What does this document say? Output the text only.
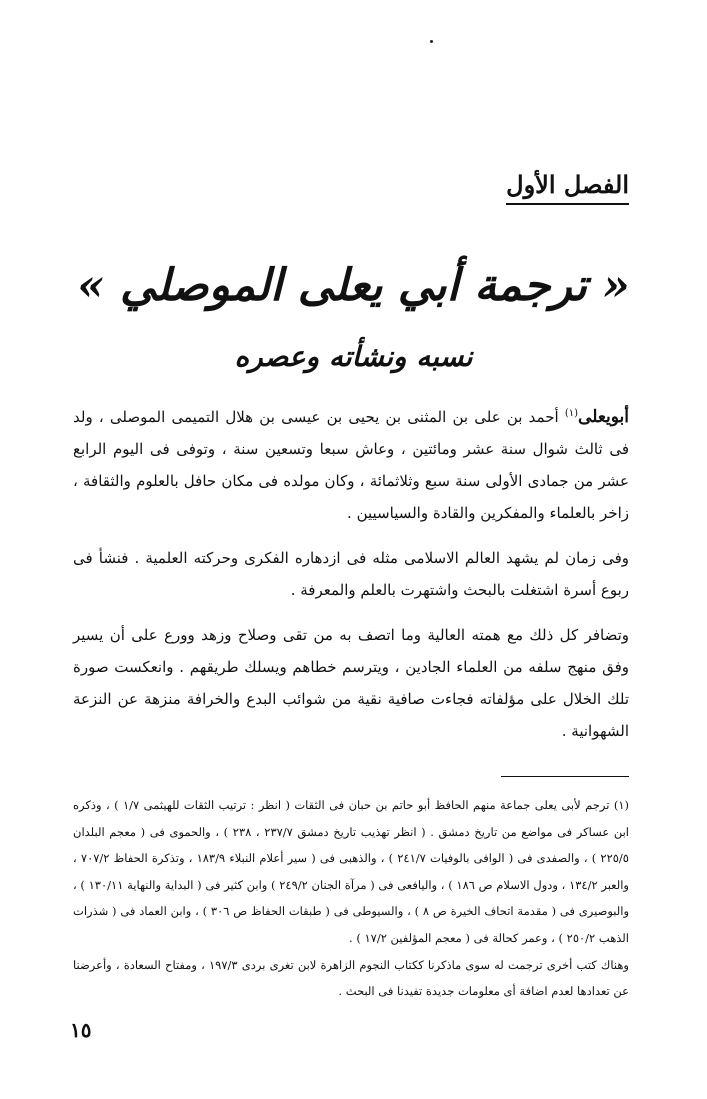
الفصل الأول
« ترجمة أبي يعلى الموصلي »
نسبه ونشأته وعصره

أبويعلى$^{(١)}$ أحمد بن على بن المثنى بن يحيى بن عيسى بن هلال التميمى الموصلى ، ولد فى ثالث شوال سنة عشر ومائتين ، وعاش سبعا وتسعين سنة ، وتوفى فى اليوم الرابع عشر من جمادى الأولى سنة سبع وثلاثمائة ، وكان مولده فى مكان حافل بالعلوم والثقافة ، زاخر بالعلماء والمفكرين والقادة والسياسيين .

وفى زمان لم يشهد العالم الاسلامى مثله فى ازدهاره الفكرى وحركته العلمية . فنشأ فى ربوع أسرة اشتغلت بالبحث واشتهرت بالعلم والمعرفة .

وتضافر كل ذلك مع همته العالية وما اتصف به من تقى وصلاح وزهد وورع على أن يسير وفق منهج سلفه من العلماء الجادين ، ويترسم خطاهم ويسلك طريقهم . وانعكست صورة تلك الخلال على مؤلفاته فجاءت صافية نقية من شوائب البدع والخرافة منزهة عن النزعة الشهوانية .

(١) ترجم لأبى يعلى جماعة منهم الحافظ أبو حاتم بن حبان فى الثقات ( انظر : ترتيب الثقات للهيثمى ١/٧ ) ، وذكره ابن عساكر فى مواضع من تاريخ دمشق . ( انظر تهذيب تاريخ دمشق ٢٣٧/٧ ، ٢٣٨ ) ، والحموى فى ( معجم البلدان ٢٢٥/٥ ) ، والصفدى فى ( الوافى بالوفيات ٢٤١/٧ ) ، والذهبى فى ( سير أعلام النبلاء ١٨٣/٩ ، وتذكرة الحفاظ ٧٠٧/٢ ، والعبر ١٣٤/٢ ، ودول الاسلام ص ١٨٦ ) ، واليافعى فى ( مرآة الجنان ٢٤٩/٢ ) وابن كثير فى ( البداية والنهاية ١٣٠/١١ ) ، والبوصيرى فى ( مقدمة اتحاف الخيرة ص ٨ ) ، والسيوطى فى ( طبقات الحفاظ ص ٣٠٦ ) ، وابن العماد فى ( شذرات الذهب ٢٥٠/٢ ) ، وعمر كحالة فى ( معجم المؤلفين ١٧/٢ ) .

وهناك كتب أخرى ترجمت له سوى ماذكرنا ككتاب النجوم الزاهرة لابن تغرى بردى ١٩٧/٣ ، ومفتاح السعادة ، وأعرضنا عن تعدادها لعدم اضافة أى معلومات جديدة تفيدنا فى البحث .

١٥
